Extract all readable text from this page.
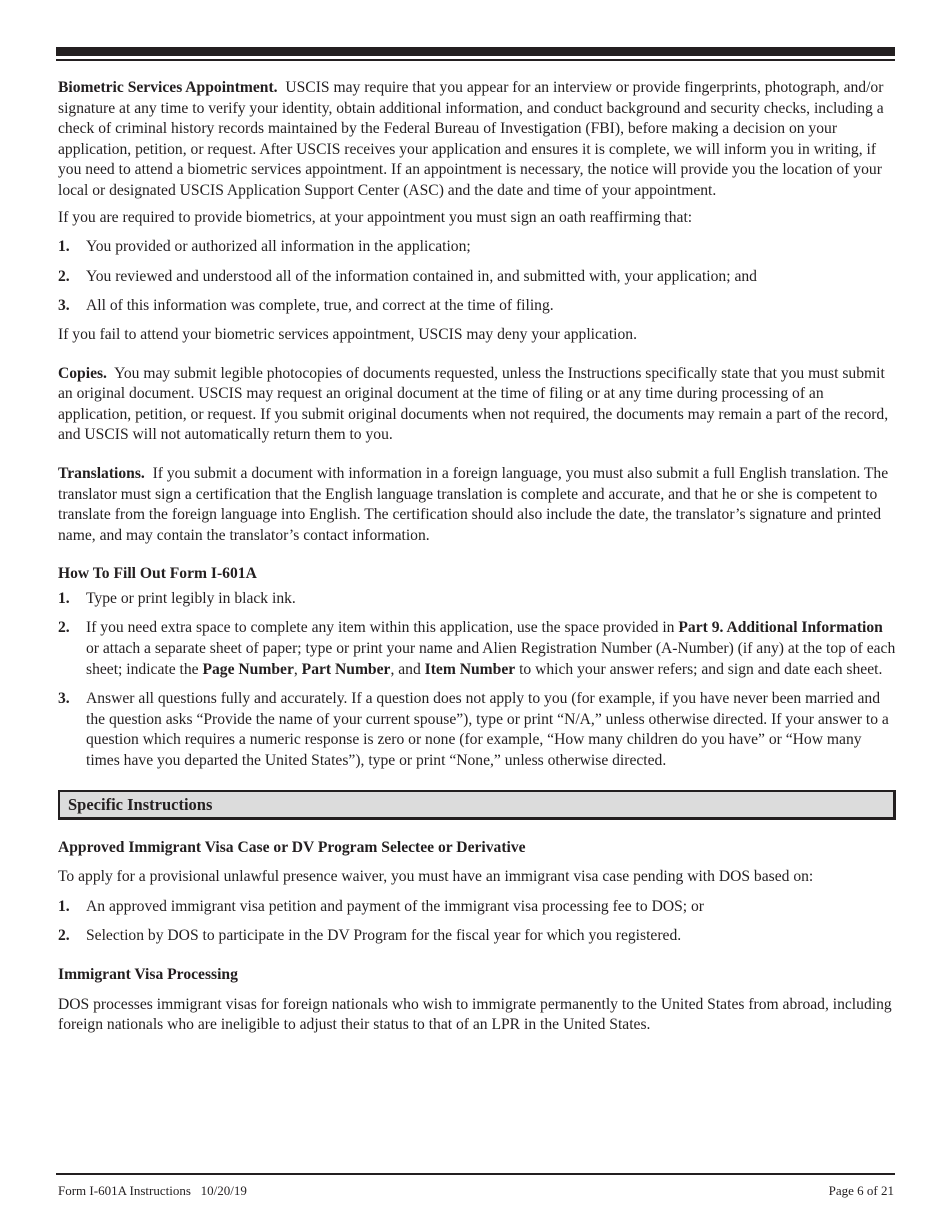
Biometric Services Appointment. USCIS may require that you appear for an interview or provide fingerprints, photograph, and/or signature at any time to verify your identity, obtain additional information, and conduct background and security checks, including a check of criminal history records maintained by the Federal Bureau of Investigation (FBI), before making a decision on your application, petition, or request. After USCIS receives your application and ensures it is complete, we will inform you in writing, if you need to attend a biometric services appointment. If an appointment is necessary, the notice will provide you the location of your local or designated USCIS Application Support Center (ASC) and the date and time of your appointment.

If you are required to provide biometrics, at your appointment you must sign an oath reaffirming that:

1.	You provided or authorized all information in the application;
2.	You reviewed and understood all of the information contained in, and submitted with, your application; and
3.	All of this information was complete, true, and correct at the time of filing.

If you fail to attend your biometric services appointment, USCIS may deny your application.

Copies. You may submit legible photocopies of documents requested, unless the Instructions specifically state that you must submit an original document. USCIS may request an original document at the time of filing or at any time during processing of an application, petition, or request. If you submit original documents when not required, the documents may remain a part of the record, and USCIS will not automatically return them to you.

Translations. If you submit a document with information in a foreign language, you must also submit a full English translation. The translator must sign a certification that the English language translation is complete and accurate, and that he or she is competent to translate from the foreign language into English. The certification should also include the date, the translator’s signature and printed name, and may contain the translator’s contact information.

How To Fill Out Form I-601A

1.	Type or print legibly in black ink.
2.	If you need extra space to complete any item within this application, use the space provided in Part 9. Additional Information or attach a separate sheet of paper; type or print your name and Alien Registration Number (A-Number) (if any) at the top of each sheet; indicate the Page Number, Part Number, and Item Number to which your answer refers; and sign and date each sheet.
3.	Answer all questions fully and accurately. If a question does not apply to you (for example, if you have never been married and the question asks “Provide the name of your current spouse”), type or print “N/A,” unless otherwise directed. If your answer to a question which requires a numeric response is zero or none (for example, “How many children do you have” or “How many times have you departed the United States”), type or print “None,” unless otherwise directed.
Specific Instructions

Approved Immigrant Visa Case or DV Program Selectee or Derivative

To apply for a provisional unlawful presence waiver, you must have an immigrant visa case pending with DOS based on:

1.	An approved immigrant visa petition and payment of the immigrant visa processing fee to DOS; or
2.	Selection by DOS to participate in the DV Program for the fiscal year for which you registered.

Immigrant Visa Processing

DOS processes immigrant visas for foreign nationals who wish to immigrate permanently to the United States from abroad, including foreign nationals who are ineligible to adjust their status to that of an LPR in the United States.

Form I-601A Instructions   10/20/19	Page 6 of 21
